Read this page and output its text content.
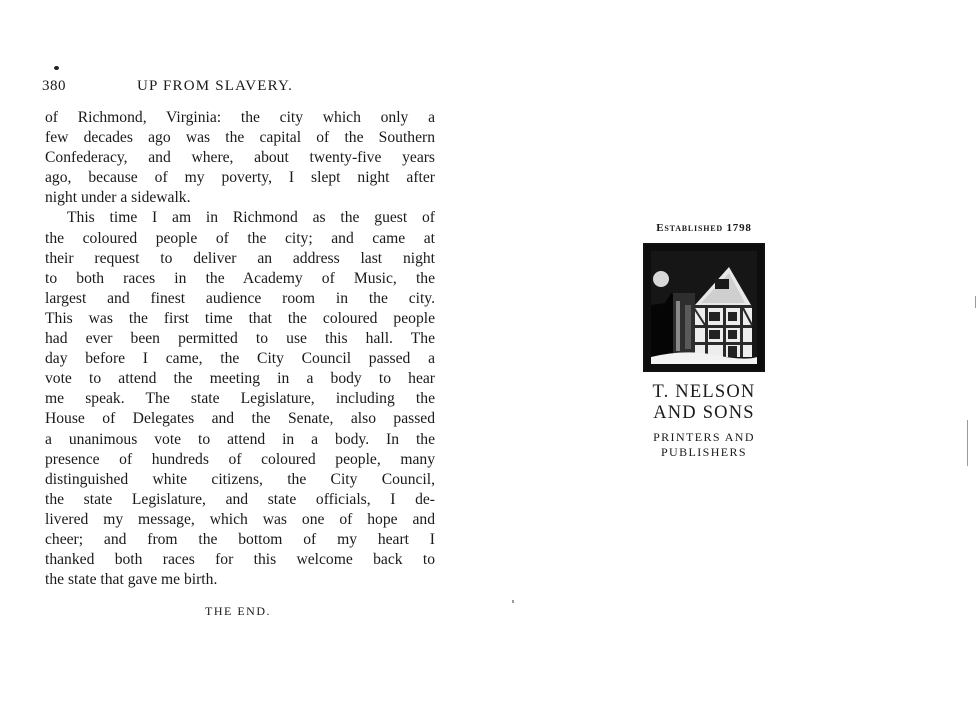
380	UP FROM SLAVERY.
of Richmond, Virginia: the city which only a
few decades ago was the capital of the Southern
Confederacy, and where, about twenty-five years
ago, because of my poverty, I slept night after
night under a sidewalk.
This time I am in Richmond as the guest of
the coloured people of the city; and came at
their request to deliver an address last night
to both races in the Academy of Music, the
largest and finest audience room in the city.
This was the first time that the coloured people
had ever been permitted to use this hall. The
day before I came, the City Council passed a
vote to attend the meeting in a body to hear
me speak. The state Legislature, including the
House of Delegates and the Senate, also passed
a unanimous vote to attend in a body. In the
presence of hundreds of coloured people, many
distinguished white citizens, the City Council,
the state Legislature, and state officials, I de-
livered my message, which was one of hope and
cheer; and from the bottom of my heart I
thanked both races for this welcome back to
the state that gave me birth.
THE END.
Established 1798
T. NELSON
AND SONS
PRINTERS AND
PUBLISHERS
